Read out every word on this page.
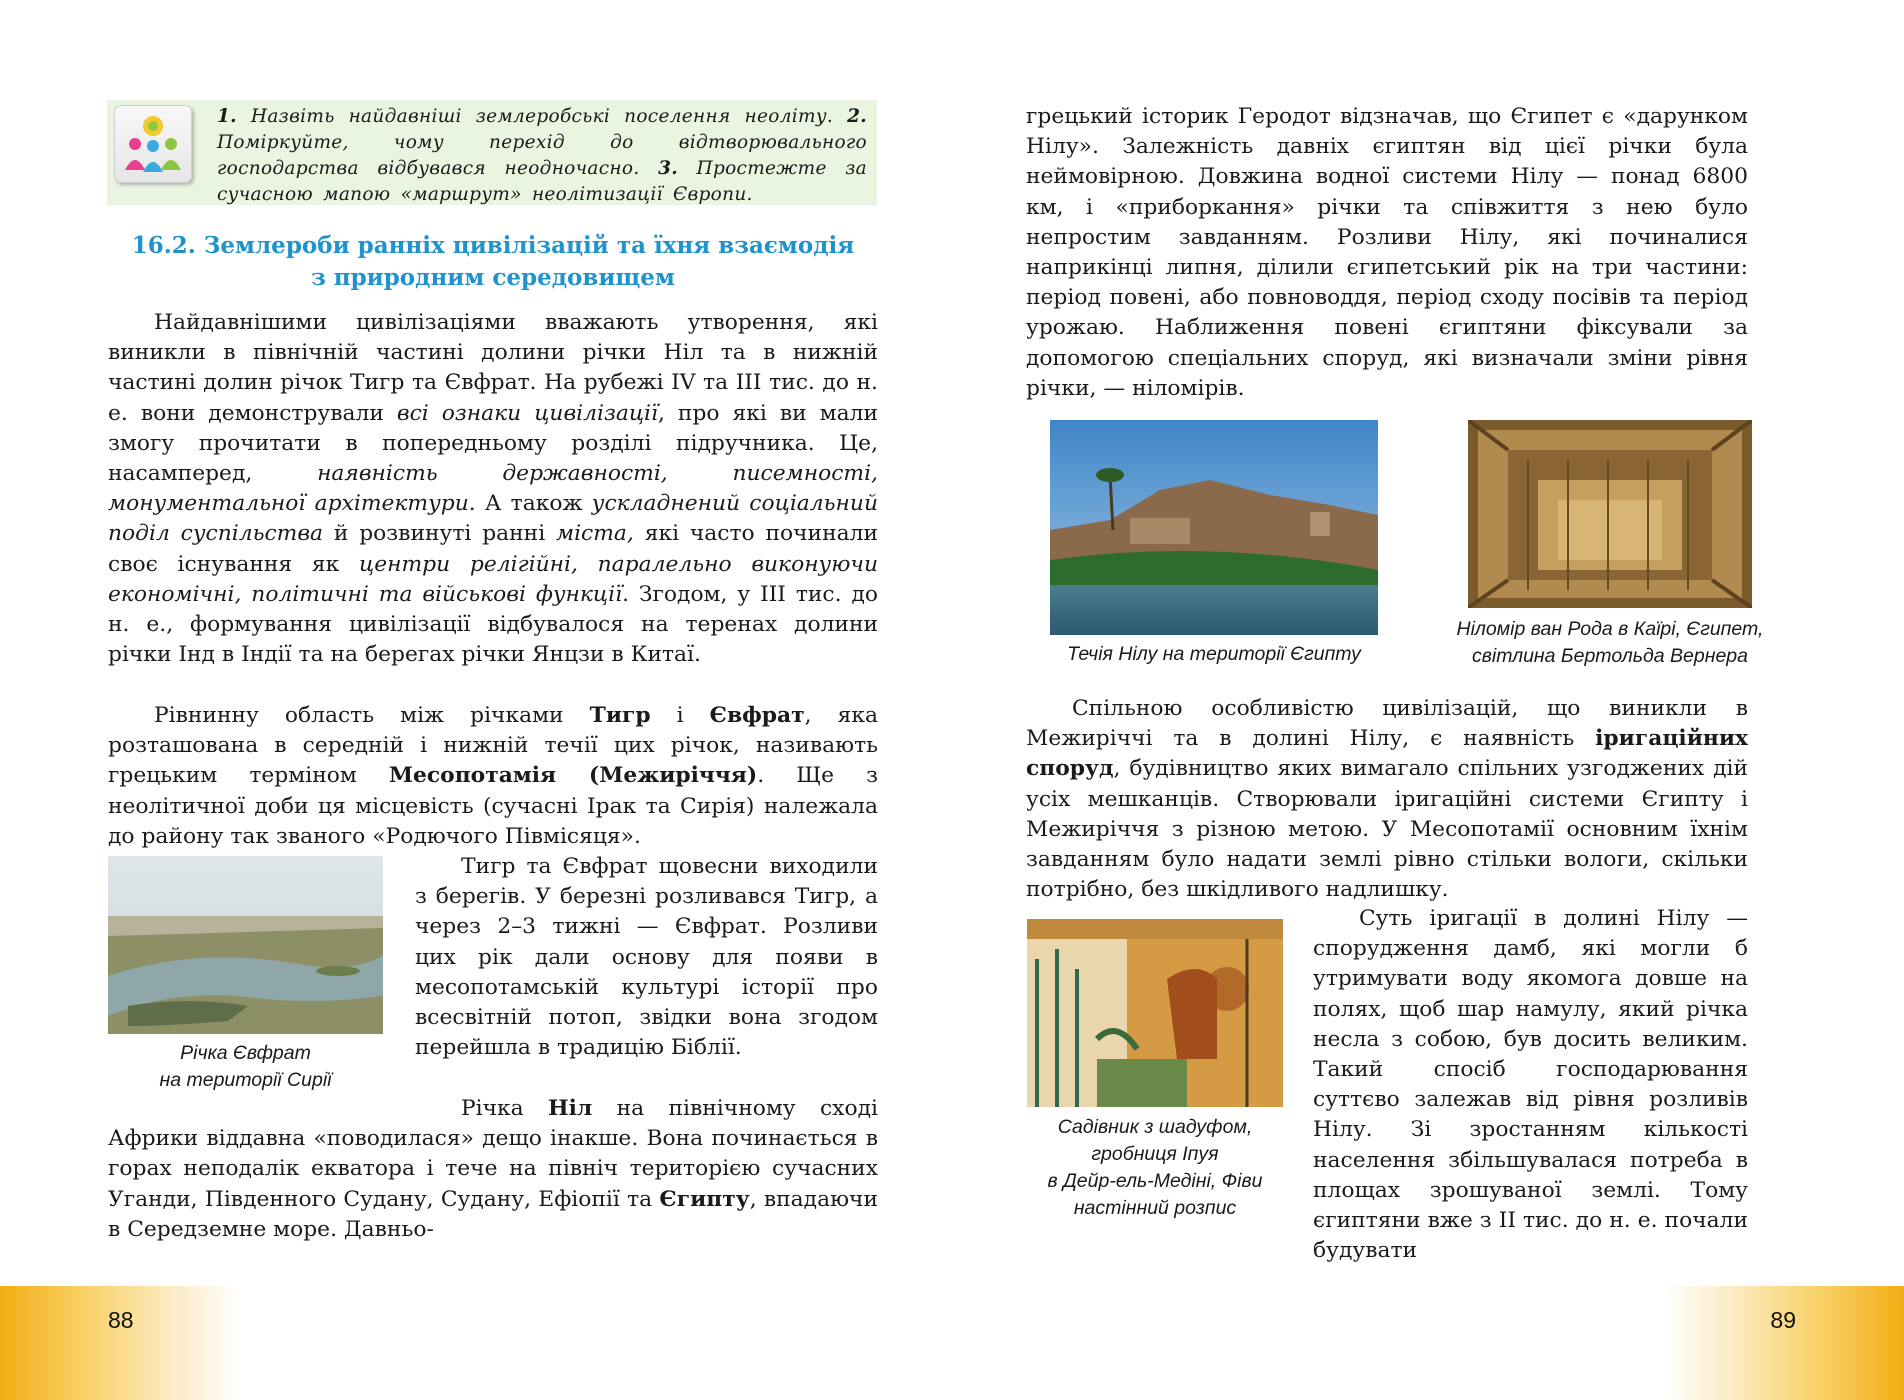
1. Назвіть найдавніші землеробські поселення неоліту. 2. Поміркуйте, чому перехід до відтворювального господарства відбувався неодночасно. 3. Простежте за сучасною мапою «маршрут» неолітизації Європи.
16.2. Землероби ранніх цивілізацій та їхня взаємодія
з природним середовищем

Найдавнішими цивілізаціями вважають утворення, які виникли в північній частині долини річки Ніл та в нижній частині долин річок Тигр та Євфрат. На рубежі IV та III тис. до н. е. вони демонстрували всі ознаки цивілізації, про які ви мали змогу прочитати в попередньому розділі підручника. Це, насамперед, наявність державності, писемності, монументальної архітектури. А також ускладнений соціальний поділ суспільства й розвинуті ранні міста, які часто починали своє існування як центри релігійні, паралельно виконуючи економічні, політичні та військові функції. Згодом, у III тис. до н. е., формування цивілізації відбувалося на теренах долини річки Інд в Індії та на берегах річки Янцзи в Китаї.

Рівнинну область між річками Тигр і Євфрат, яка розташована в середній і нижній течії цих річок, називають грецьким терміном Месопотамія (Межиріччя). Ще з неолітичної доби ця місцевість (сучасні Ірак та Сирія) належала до району так званого «Родючого Півмісяця».

Річка Євфрат
на території Сирії

Тигр та Євфрат щовесни виходили з берегів. У березні розливався Тигр, а через 2–3 тижні — Євфрат. Розливи цих рік дали основу для появи в месопотамській культурі історії про всесвітній потоп, звідки вона згодом перейшла в традицію Біблії.

Річка Ніл на північному сході Африки віддавна «поводилася» дещо інакше. Вона починається в горах неподалік екватора і тече на північ територією сучасних Уганди, Південного Судану, Судану, Ефіопії та Єгипту, впадаючи в Середземне море. Давньо-

88

грецький історик Геродот відзначав, що Єгипет є «дарунком Нілу». Залежність давніх єгиптян від цієї річки була неймовірною. Довжина водної системи Нілу — понад 6800 км, і «приборкання» річки та співжиття з нею було непростим завданням. Розливи Нілу, які починалися наприкінці липня, ділили єгипетський рік на три частини: період повені, або повноводдя, період сходу посівів та період урожаю. Наближення повені єгиптяни фіксували за допомогою спеціальних споруд, які визначали зміни рівня річки, — ніломірів.

Течія Нілу на території Єгипту
Ніломір ван Рода в Каїрі, Єгипет,
світлина Бертольда Вернера

Спільною особливістю цивілізацій, що виникли в Межиріччі та в долині Нілу, є наявність іригаційних споруд, будівництво яких вимагало спільних узгоджених дій усіх мешканців. Створювали іригаційні системи Єгипту і Межиріччя з різною метою. У Месопотамії основним їхнім завданням було надати землі рівно стільки вологи, скільки потрібно, без шкідливого надлишку.

Садівник з шадуфом,
гробниця Іпуя
в Дейр-ель-Медіні, Фіви
настінний розпис

Суть іригації в долині Нілу — спорудження дамб, які могли б утримувати воду якомога довше на полях, щоб шар намулу, який річка несла з собою, був досить великим. Такий спосіб господарювання суттєво залежав від рівня розливів Нілу. Зі зростанням кількості населення збільшувалася потреба в площах зрошуваної землі. Тому єгиптяни вже з II тис. до н. е. почали будувати

89
